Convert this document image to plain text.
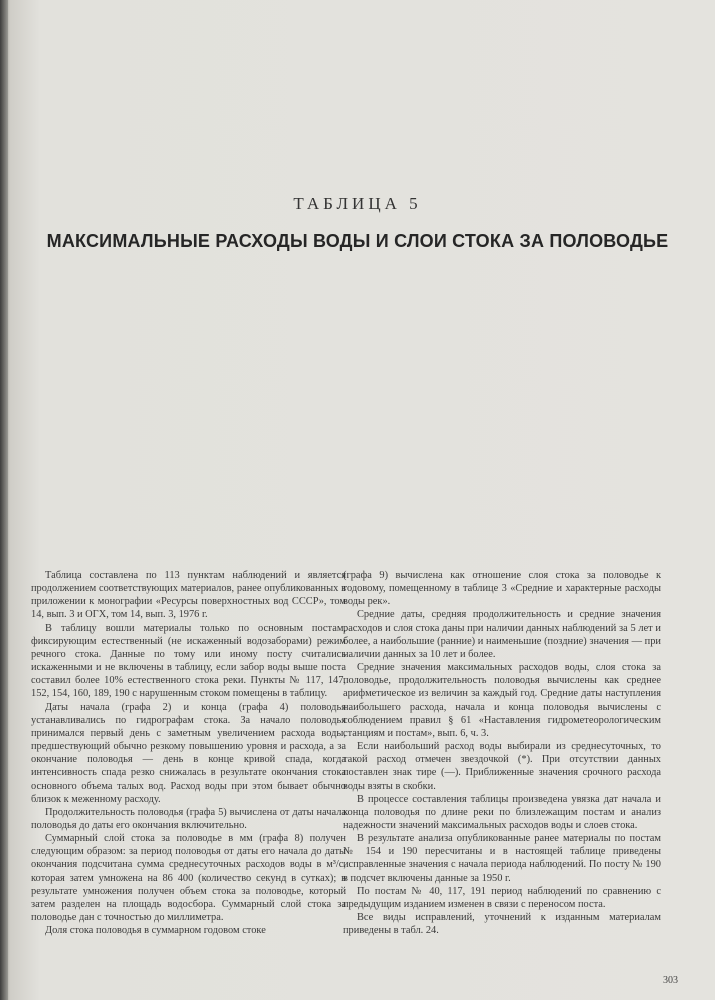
ТАБЛИЦА 5
МАКСИМАЛЬНЫЕ РАСХОДЫ ВОДЫ И СЛОИ СТОКА ЗА ПОЛОВОДЬЕ

Таблица составлена по 113 пунктам наблюдений и является продолжением соответствующих материалов, ранее опубликованных в приложении к монографии «Ресурсы поверхностных вод СССР», том 14, вып. 3 и ОГХ, том 14, вып. 3, 1976 г.

В таблицу вошли материалы только по основным постам, фиксирующим естественный (не искаженный водозаборами) режим речного стока. Данные по тому или иному посту считались искаженными и не включены в таблицу, если забор воды выше поста составил более 10% естественного стока реки. Пункты № 117, 147, 152, 154, 160, 189, 190 с нарушенным стоком помещены в таблицу.

Даты начала (графа 2) и конца (графа 4) половодья устанавливались по гидрографам стока. За начало половодья принимался первый день с заметным увеличением расхода воды, предшествующий обычно резкому повышению уровня и расхода, а за окончание половодья — день в конце кривой спада, когда интенсивность спада резко снижалась в результате окончания стока основного объема талых вод. Расход воды при этом бывает обычно близок к меженному расходу.

Продолжительность половодья (графа 5) вычислена от даты начала половодья до даты его окончания включительно.

Суммарный слой стока за половодье в мм (графа 8) получен следующим образом: за период половодья от даты его начала до даты окончания подсчитана сумма среднесуточных расходов воды в м³/с, которая затем умножена на 86 400 (количество секунд в сутках); в результате умножения получен объем стока за половодье, который затем разделен на площадь водосбора. Суммарный слой стока за половодье дан с точностью до миллиметра.

Доля стока половодья в суммарном годовом стоке

(графа 9) вычислена как отношение слоя стока за половодье к годовому, помещенному в таблице 3 «Средние и характерные расходы воды рек».

Средние даты, средняя продолжительность и средние значения расходов и слоя стока даны при наличии данных наблюдений за 5 лет и более, а наибольшие (ранние) и наименьшие (поздние) значения — при наличии данных за 10 лет и более.

Средние значения максимальных расходов воды, слоя стока за половодье, продолжительность половодья вычислены как среднее арифметическое из величин за каждый год. Средние даты наступления наибольшего расхода, начала и конца половодья вычислены с соблюдением правил § 61 «Наставления гидрометеорологическим станциям и постам», вып. 6, ч. 3.

Если наибольший расход воды выбирали из среднесуточных, то такой расход отмечен звездочкой (*). При отсутствии данных поставлен знак тире (—). Приближенные значения срочного расхода воды взяты в скобки.

В процессе составления таблицы произведена увязка дат начала и конца половодья по длине реки по близлежащим постам и анализ надежности значений максимальных расходов воды и слоев стока.

В результате анализа опубликованные ранее материалы по постам № 154 и 190 пересчитаны и в настоящей таблице приведены исправленные значения с начала периода наблюдений. По посту № 190 в подсчет включены данные за 1950 г.

По постам № 40, 117, 191 период наблюдений по сравнению с предыдущим изданием изменен в связи с переносом поста.

Все виды исправлений, уточнений к изданным материалам приведены в табл. 24.

303
